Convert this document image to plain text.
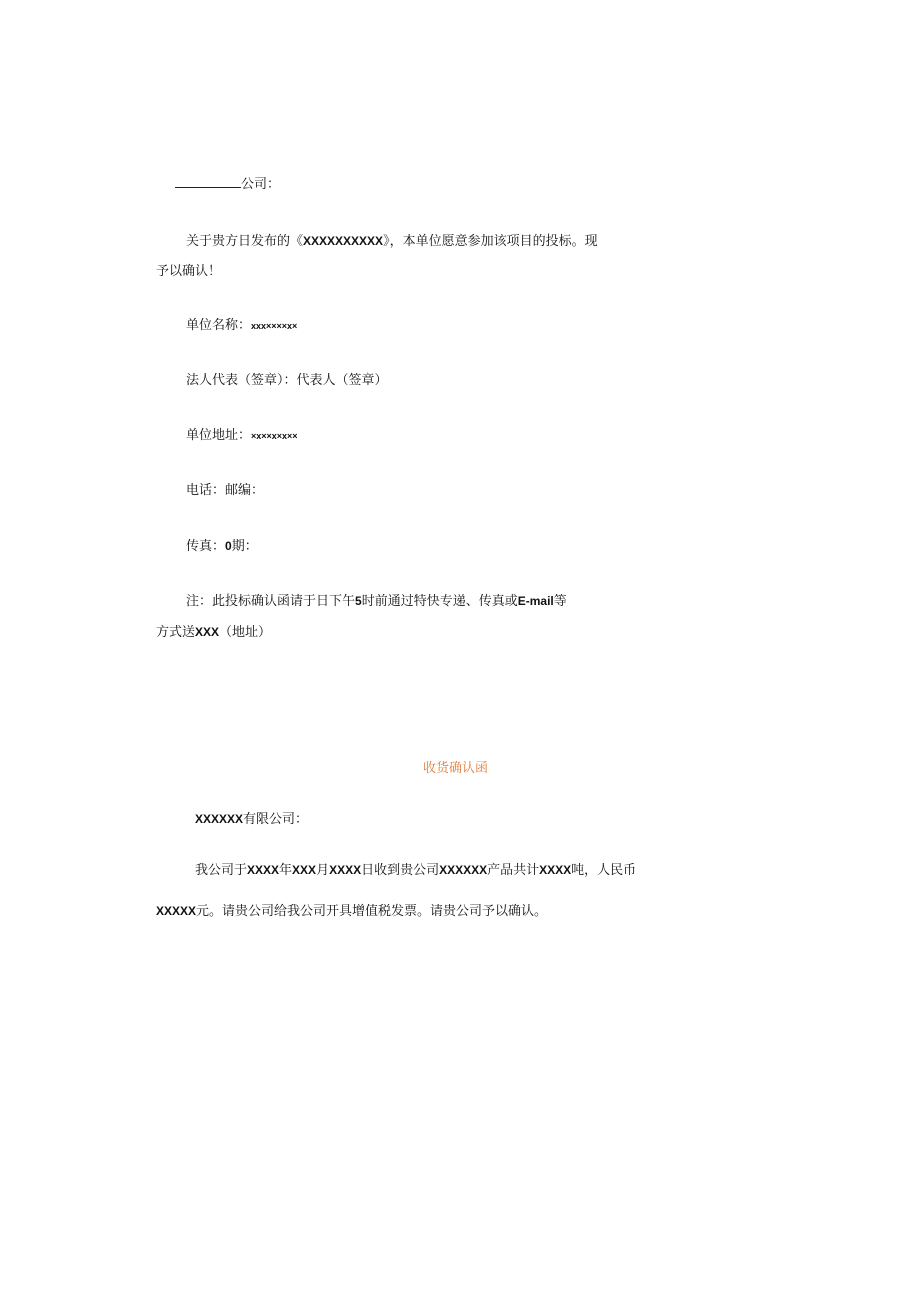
公司：
关于贵方日发布的《XXXXXXXXXX》，本单位愿意参加该项目的投标。现
予以确认！
单位名称：xxx××××x×
法人代表（签章）：代表人（签章）
单位地址：×x××x×x××
电话：邮编：
传真：0期：
注：此投标确认函请于日下午5时前通过特快专递、传真或E-mail等
方式送XXX（地址）
收货确认函
XXXXXX有限公司：
我公司于XXXX年XXX月XXXX日收到贵公司XXXXXX产品共计XXXX吨，人民币
XXXXX元。请贵公司给我公司开具增值税发票。请贵公司予以确认。
